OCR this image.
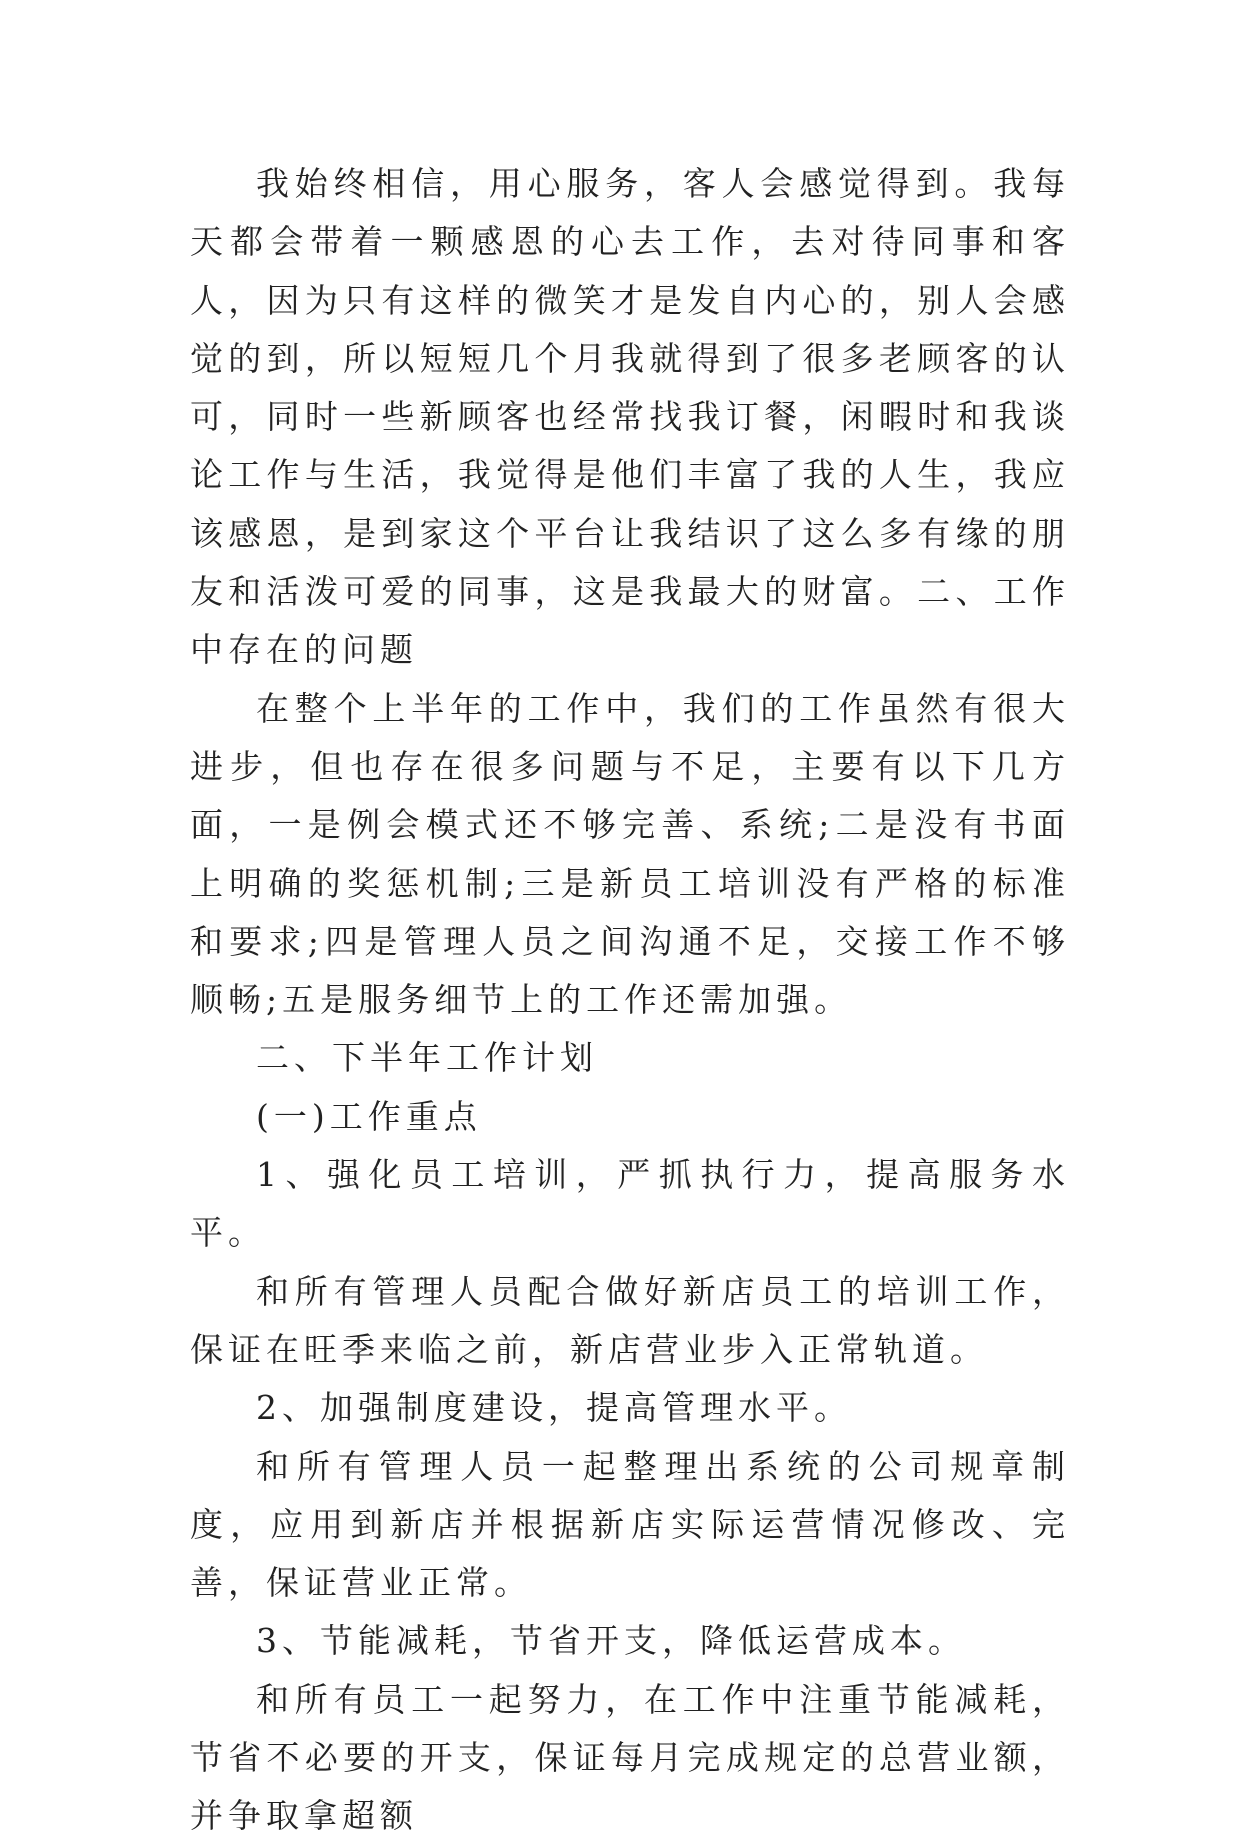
我始终相信，用心服务，客人会感觉得到。我每天都会带着一颗感恩的心去工作，去对待同事和客人，因为只有这样的微笑才是发自内心的，别人会感觉的到，所以短短几个月我就得到了很多老顾客的认可，同时一些新顾客也经常找我订餐，闲暇时和我谈论工作与生活，我觉得是他们丰富了我的人生，我应该感恩，是到家这个平台让我结识了这么多有缘的朋友和活泼可爱的同事，这是我最大的财富。二、工作中存在的问题

在整个上半年的工作中，我们的工作虽然有很大进步，但也存在很多问题与不足，主要有以下几方面，一是例会模式还不够完善、系统;二是没有书面上明确的奖惩机制;三是新员工培训没有严格的标准和要求;四是管理人员之间沟通不足，交接工作不够顺畅;五是服务细节上的工作还需加强。

二、下半年工作计划

(一)工作重点

1、强化员工培训，严抓执行力，提高服务水平。

和所有管理人员配合做好新店员工的培训工作，保证在旺季来临之前，新店营业步入正常轨道。

2、加强制度建设，提高管理水平。

和所有管理人员一起整理出系统的公司规章制度，应用到新店并根据新店实际运营情况修改、完善，保证营业正常。

3、节能减耗，节省开支，降低运营成本。

和所有员工一起努力，在工作中注重节能减耗，节省不必要的开支，保证每月完成规定的总营业额，并争取拿超额
